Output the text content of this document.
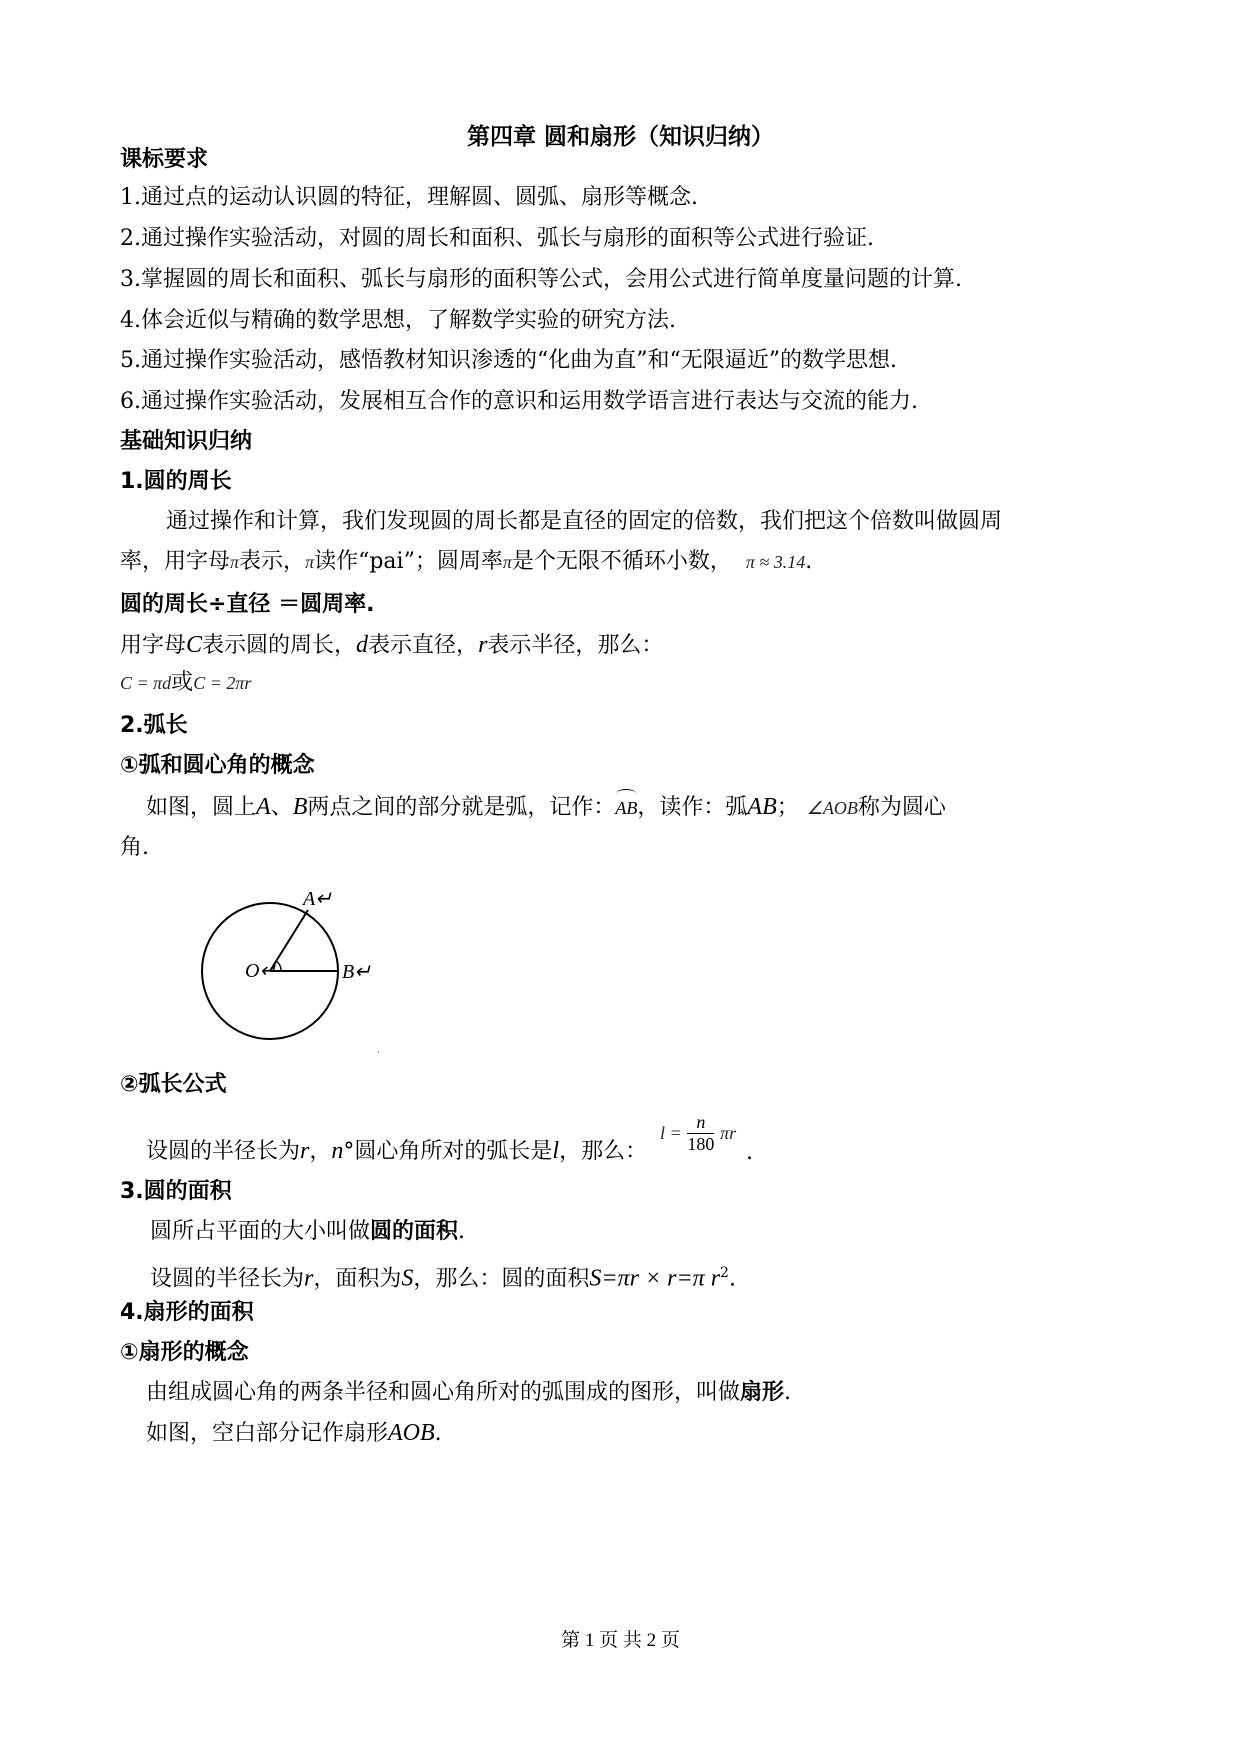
第四章 圆和扇形（知识归纳）
课标要求
1.通过点的运动认识圆的特征，理解圆、圆弧、扇形等概念.
2.通过操作实验活动，对圆的周长和面积、弧长与扇形的面积等公式进行验证.
3.掌握圆的周长和面积、弧长与扇形的面积等公式，会用公式进行简单度量问题的计算.
4.体会近似与精确的数学思想，了解数学实验的研究方法.
5.通过操作实验活动，感悟教材知识渗透的“化曲为直”和“无限逼近”的数学思想.
6.通过操作实验活动，发展相互合作的意识和运用数学语言进行表达与交流的能力.
基础知识归纳
1.圆的周长
通过操作和计算，我们发现圆的周长都是直径的固定的倍数，我们把这个倍数叫做圆周
率，用字母π表示，π读作“pai”；圆周率π是个无限不循环小数， π ≈ 3.14.
圆的周长÷直径 ＝圆周率.
用字母C表示圆的周长，d表示直径，r表示半径，那么：
C = πd或C = 2πr
2.弧长
①弧和圆心角的概念
如图，圆上A、B两点之间的部分就是弧，记作：AB，读作：弧AB； ∠AOB称为圆心
角.
A↵
O↵	B↵
ˌ
②弧长公式
设圆的半径长为r，n°圆心角所对的弧长是l，那么：
$l = \frac{n}{180}$ πr
.
3.圆的面积
圆所占平面的大小叫做圆的面积.
设圆的半径长为r，面积为S，那么：圆的面积S=πr × r=π $r^2$.
4.扇形的面积
①扇形的概念
由组成圆心角的两条半径和圆心角所对的弧围成的图形，叫做扇形.
如图，空白部分记作扇形AOB.
第 1 页 共 2 页
